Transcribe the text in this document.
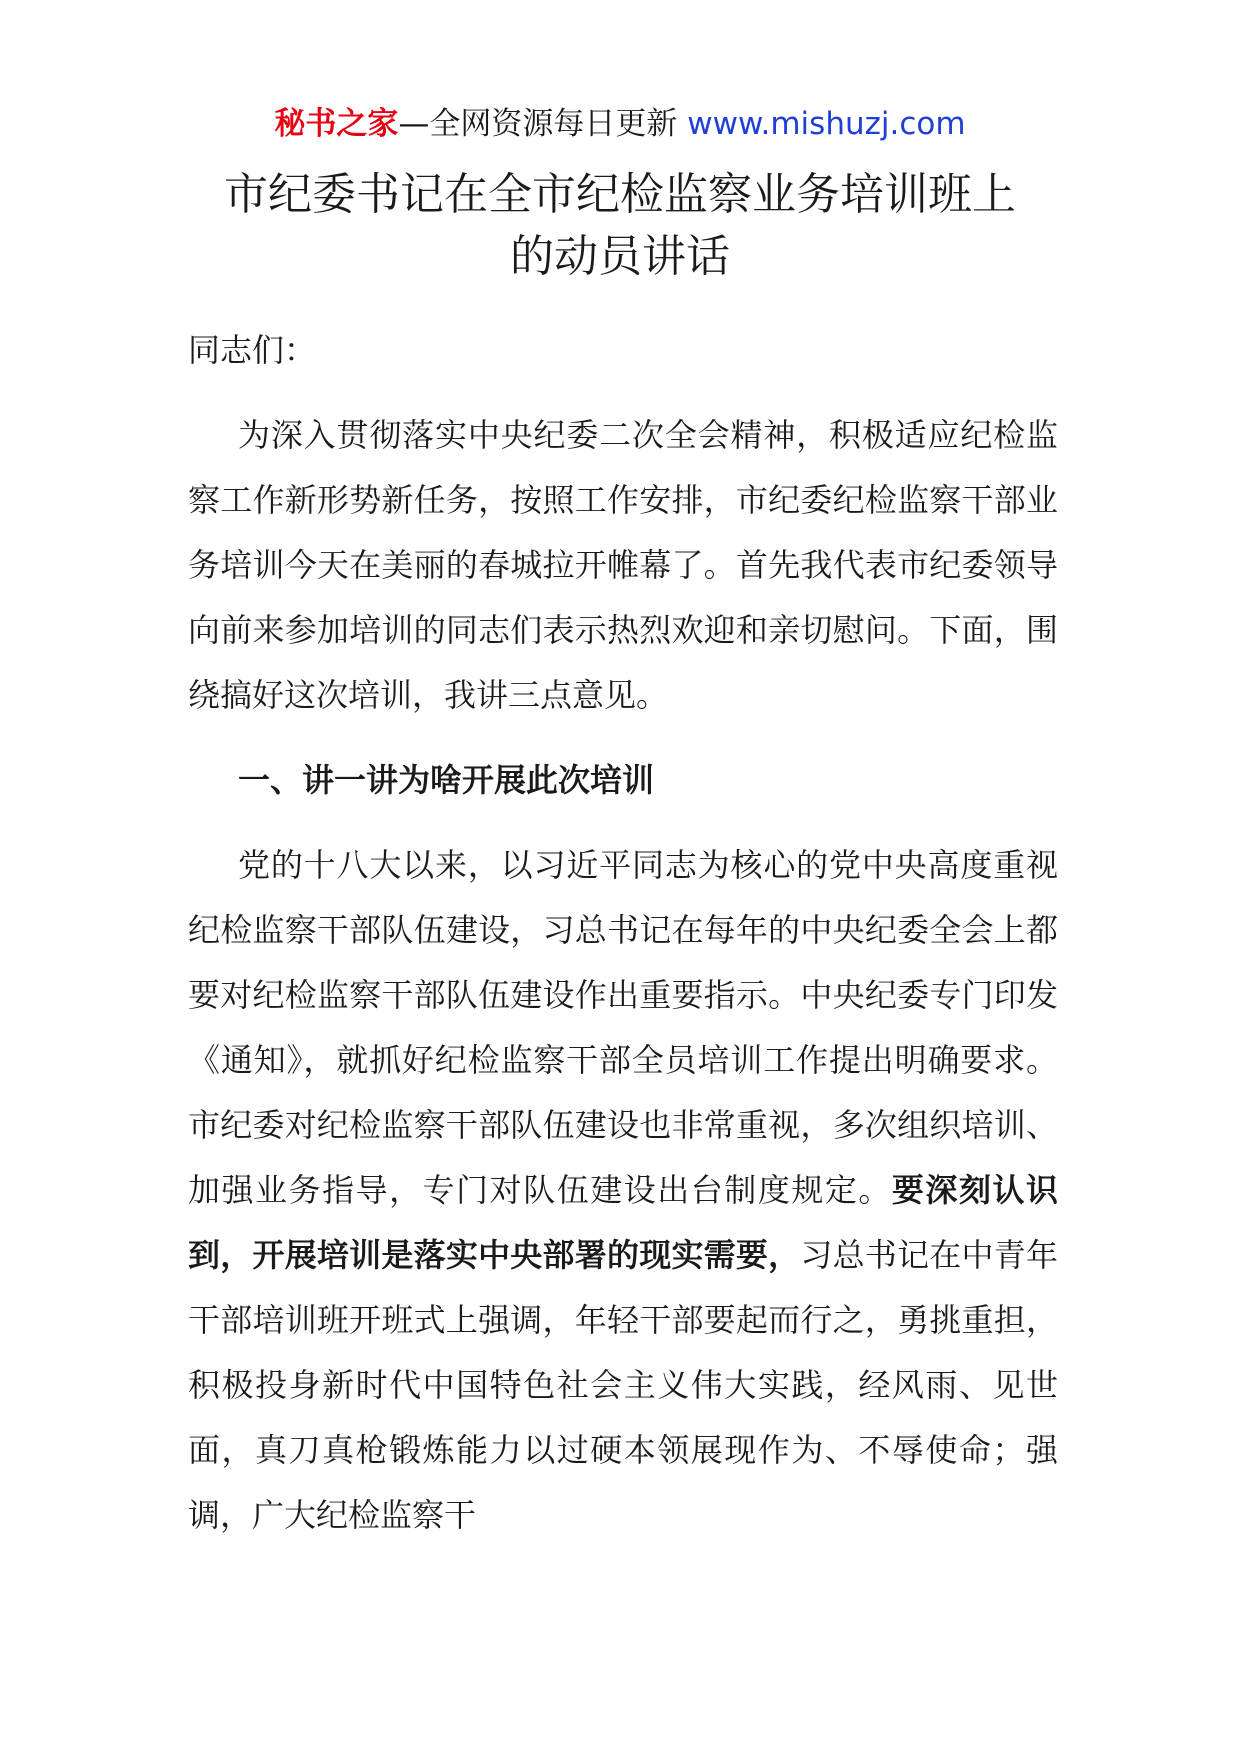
秘书之家—全网资源每日更新 www.mishuzj.com
市纪委书记在全市纪检监察业务培训班上
的动员讲话
同志们：
为深入贯彻落实中央纪委二次全会精神，积极适应纪检监察工作新形势新任务，按照工作安排，市纪委纪检监察干部业务培训今天在美丽的春城拉开帷幕了。首先我代表市纪委领导向前来参加培训的同志们表示热烈欢迎和亲切慰问。下面，围绕搞好这次培训，我讲三点意见。
一、讲一讲为啥开展此次培训
党的十八大以来，以习近平同志为核心的党中央高度重视纪检监察干部队伍建设，习总书记在每年的中央纪委全会上都要对纪检监察干部队伍建设作出重要指示。中央纪委专门印发《通知》，就抓好纪检监察干部全员培训工作提出明确要求。市纪委对纪检监察干部队伍建设也非常重视，多次组织培训、加强业务指导，专门对队伍建设出台制度规定。要深刻认识到，开展培训是落实中央部署的现实需要，习总书记在中青年干部培训班开班式上强调，年轻干部要起而行之，勇挑重担，积极投身新时代中国特色社会主义伟大实践，经风雨、见世面，真刀真枪锻炼能力以过硬本领展现作为、不辱使命；强调，广大纪检监察干
